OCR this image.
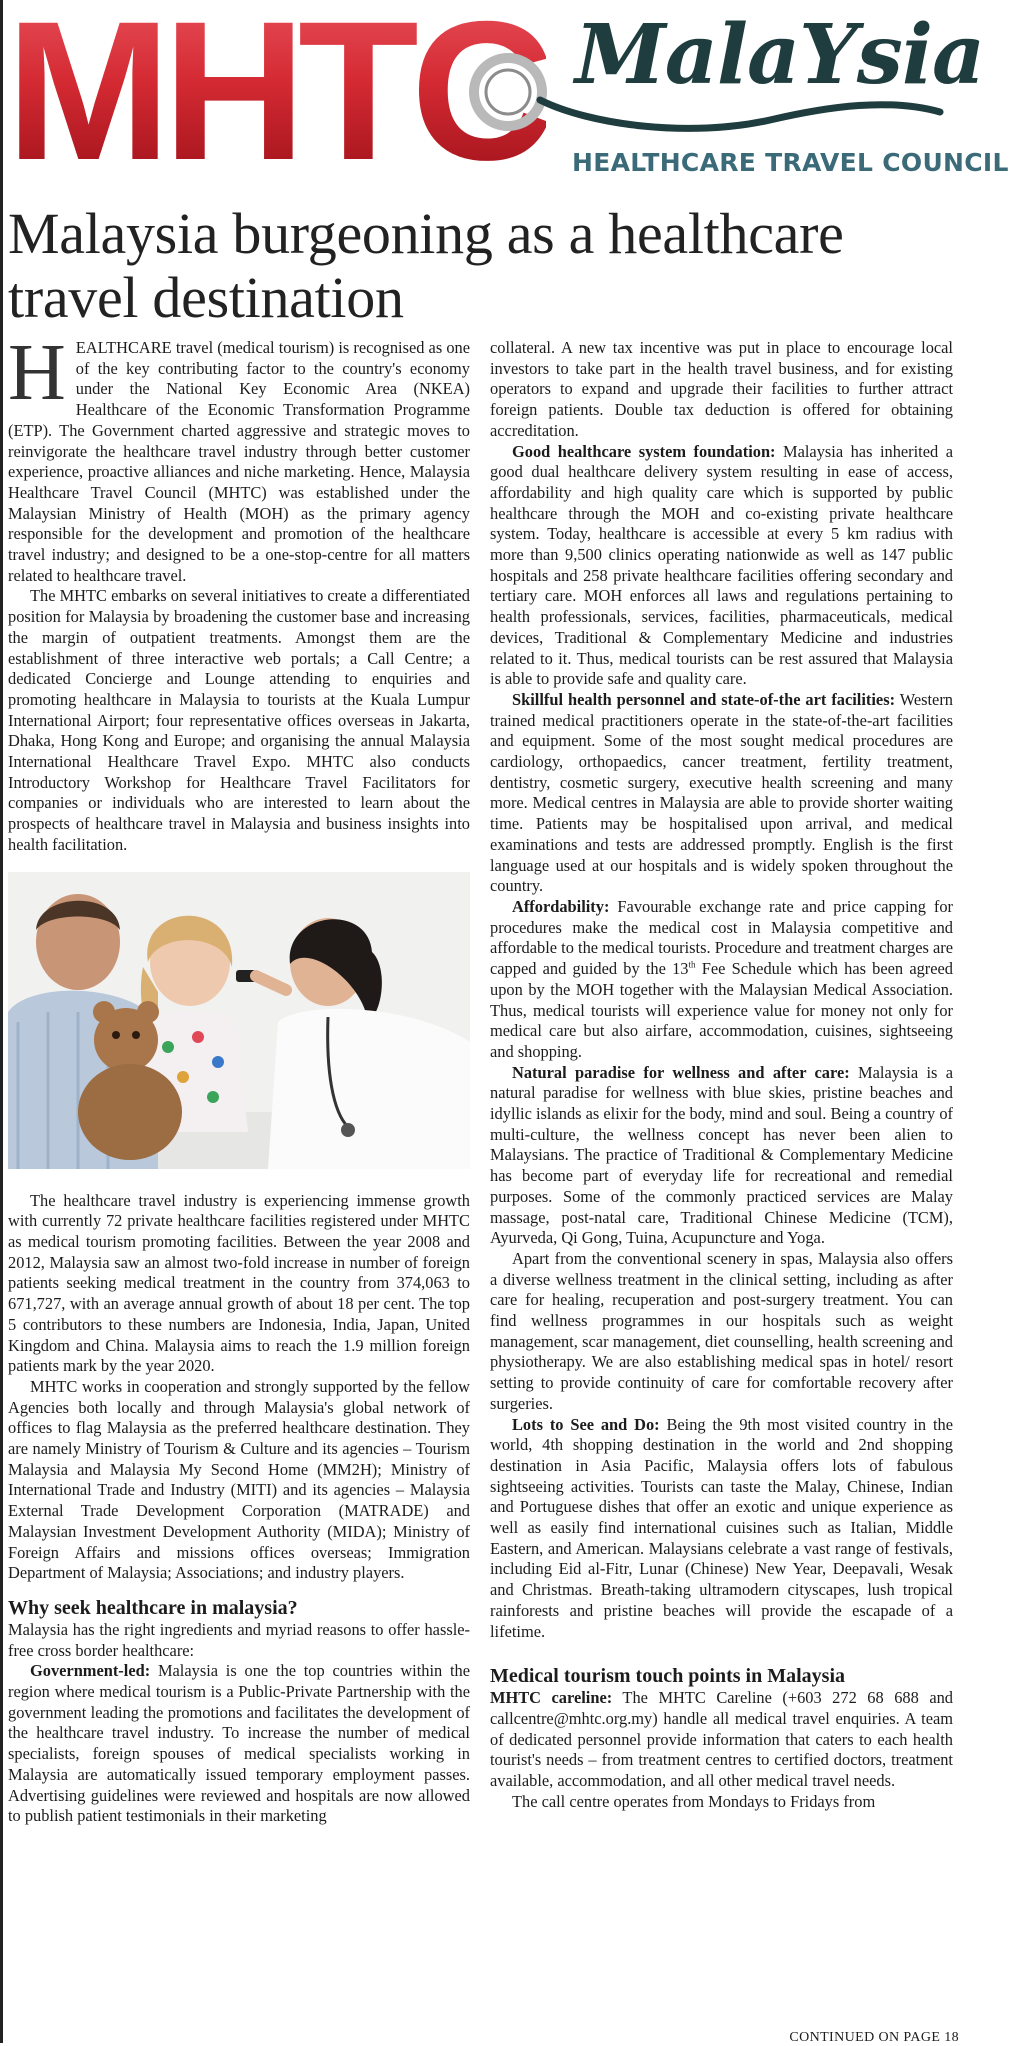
MHTC MalaYsia
HEALTHCARE TRAVEL COUNCIL
Malaysia burgeoning as a healthcare travel destination

HEALTHCARE travel (medical tourism) is recognised as one of the key contributing factor to the country's economy under the National Key Economic Area (NKEA) Healthcare of the Economic Transformation Programme (ETP). The Government charted aggressive and strategic moves to reinvigorate the healthcare travel industry through better customer experience, proactive alliances and niche marketing. Hence, Malaysia Healthcare Travel Council (MHTC) was established under the Malaysian Ministry of Health (MOH) as the primary agency responsible for the development and promotion of the healthcare travel industry; and designed to be a one-stop-centre for all matters related to healthcare travel.

The MHTC embarks on several initiatives to create a differentiated position for Malaysia by broadening the customer base and increasing the margin of outpatient treatments. Amongst them are the establishment of three interactive web portals; a Call Centre; a dedicated Concierge and Lounge attending to enquiries and promoting healthcare in Malaysia to tourists at the Kuala Lumpur International Airport; four representative offices overseas in Jakarta, Dhaka, Hong Kong and Europe; and organising the annual Malaysia International Healthcare Travel Expo. MHTC also conducts Introductory Workshop for Healthcare Travel Facilitators for companies or individuals who are interested to learn about the prospects of healthcare travel in Malaysia and business insights into health facilitation.

The healthcare travel industry is experiencing immense growth with currently 72 private healthcare facilities registered under MHTC as medical tourism promoting facilities. Between the year 2008 and 2012, Malaysia saw an almost two-fold increase in number of foreign patients seeking medical treatment in the country from 374,063 to 671,727, with an average annual growth of about 18 per cent. The top 5 contributors to these numbers are Indonesia, India, Japan, United Kingdom and China. Malaysia aims to reach the 1.9 million foreign patients mark by the year 2020.

MHTC works in cooperation and strongly supported by the fellow Agencies both locally and through Malaysia's global network of offices to flag Malaysia as the preferred healthcare destination. They are namely Ministry of Tourism & Culture and its agencies – Tourism Malaysia and Malaysia My Second Home (MM2H); Ministry of International Trade and Industry (MITI) and its agencies – Malaysia External Trade Development Corporation (MATRADE) and Malaysian Investment Development Authority (MIDA); Ministry of Foreign Affairs and missions offices overseas; Immigration Department of Malaysia; Associations; and industry players.

Why seek healthcare in malaysia?

Malaysia has the right ingredients and myriad reasons to offer hassle-free cross border healthcare:

Government-led: Malaysia is one the top countries within the region where medical tourism is a Public-Private Partnership with the government leading the promotions and facilitates the development of the healthcare travel industry. To increase the number of medical specialists, foreign spouses of medical specialists working in Malaysia are automatically issued temporary employment passes. Advertising guidelines were reviewed and hospitals are now allowed to publish patient testimonials in their marketing

collateral. A new tax incentive was put in place to encourage local investors to take part in the health travel business, and for existing operators to expand and upgrade their facilities to further attract foreign patients. Double tax deduction is offered for obtaining accreditation.

Good healthcare system foundation: Malaysia has inherited a good dual healthcare delivery system resulting in ease of access, affordability and high quality care which is supported by public healthcare through the MOH and co-existing private healthcare system. Today, healthcare is accessible at every 5 km radius with more than 9,500 clinics operating nationwide as well as 147 public hospitals and 258 private healthcare facilities offering secondary and tertiary care. MOH enforces all laws and regulations pertaining to health professionals, services, facilities, pharmaceuticals, medical devices, Traditional & Complementary Medicine and industries related to it. Thus, medical tourists can be rest assured that Malaysia is able to provide safe and quality care.

Skillful health personnel and state-of-the art facilities: Western trained medical practitioners operate in the state-of-the-art facilities and equipment. Some of the most sought medical procedures are cardiology, orthopaedics, cancer treatment, fertility treatment, dentistry, cosmetic surgery, executive health screening and many more. Medical centres in Malaysia are able to provide shorter waiting time. Patients may be hospitalised upon arrival, and medical examinations and tests are addressed promptly. English is the first language used at our hospitals and is widely spoken throughout the country.

Affordability: Favourable exchange rate and price capping for procedures make the medical cost in Malaysia competitive and affordable to the medical tourists. Procedure and treatment charges are capped and guided by the 13th Fee Schedule which has been agreed upon by the MOH together with the Malaysian Medical Association. Thus, medical tourists will experience value for money not only for medical care but also airfare, accommodation, cuisines, sightseeing and shopping.

Natural paradise for wellness and after care: Malaysia is a natural paradise for wellness with blue skies, pristine beaches and idyllic islands as elixir for the body, mind and soul. Being a country of multi-culture, the wellness concept has never been alien to Malaysians. The practice of Traditional & Complementary Medicine has become part of everyday life for recreational and remedial purposes. Some of the commonly practiced services are Malay massage, post-natal care, Traditional Chinese Medicine (TCM), Ayurveda, Qi Gong, Tuina, Acupuncture and Yoga.

Apart from the conventional scenery in spas, Malaysia also offers a diverse wellness treatment in the clinical setting, including as after care for healing, recuperation and post-surgery treatment. You can find wellness programmes in our hospitals such as weight management, scar management, diet counselling, health screening and physiotherapy. We are also establishing medical spas in hotel/ resort setting to provide continuity of care for comfortable recovery after surgeries.

Lots to See and Do: Being the 9th most visited country in the world, 4th shopping destination in the world and 2nd shopping destination in Asia Pacific, Malaysia offers lots of fabulous sightseeing activities. Tourists can taste the Malay, Chinese, Indian and Portuguese dishes that offer an exotic and unique experience as well as easily find international cuisines such as Italian, Middle Eastern, and American. Malaysians celebrate a vast range of festivals, including Eid al-Fitr, Lunar (Chinese) New Year, Deepavali, Wesak and Christmas. Breath-taking ultramodern cityscapes, lush tropical rainforests and pristine beaches will provide the escapade of a lifetime.

Medical tourism touch points in Malaysia

MHTC careline: The MHTC Careline (+603 272 68 688 and callcentre@mhtc.org.my) handle all medical travel enquiries. A team of dedicated personnel provide information that caters to each health tourist's needs – from treatment centres to certified doctors, treatment available, accommodation, and all other medical travel needs.

The call centre operates from Mondays to Fridays from

CONTINUED ON PAGE 18
